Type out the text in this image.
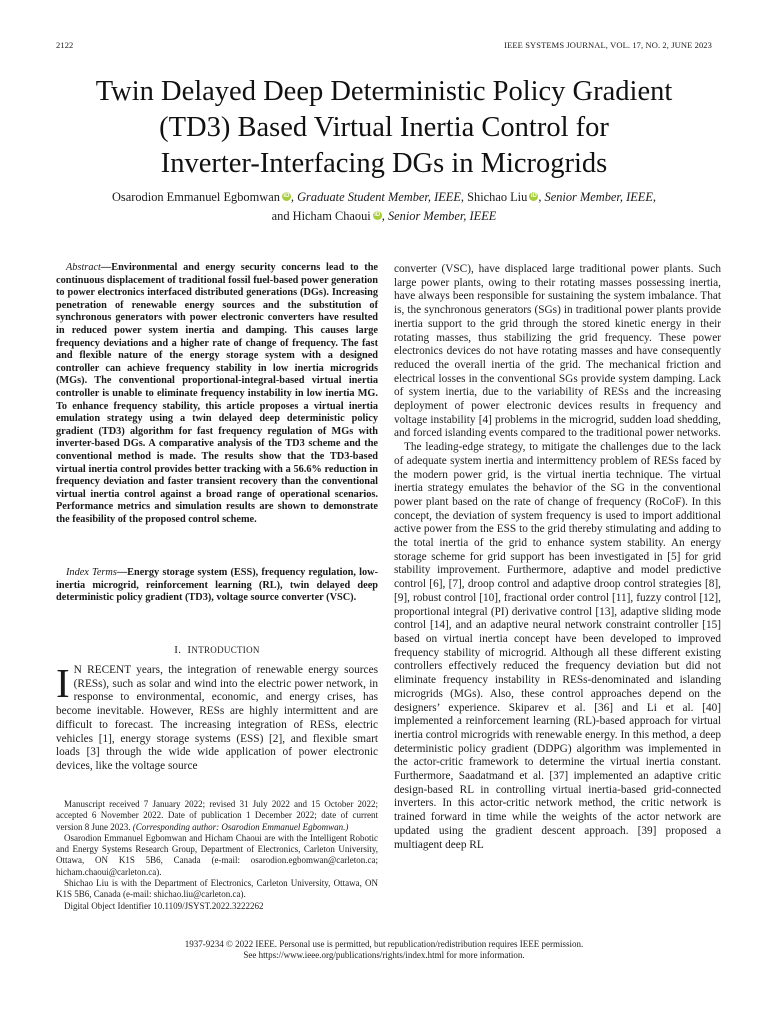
2122	IEEE SYSTEMS JOURNAL, VOL. 17, NO. 2, JUNE 2023
Twin Delayed Deep Deterministic Policy Gradient
(TD3) Based Virtual Inertia Control for
Inverter-Interfacing DGs in Microgrids
Osarodion Emmanuel Egbomwan iD , Graduate Student Member, IEEE, Shichao Liu iD , Senior Member, IEEE,
and Hicham Chaoui iD , Senior Member, IEEE
Abstract—Environmental and energy security concerns lead to the continuous displacement of traditional fossil fuel-based power generation to power electronics interfaced distributed generations (DGs). Increasing penetration of renewable energy sources and the substitution of synchronous generators with power electronic converters have resulted in reduced power system inertia and damping. This causes large frequency deviations and a higher rate of change of frequency. The fast and flexible nature of the energy storage system with a designed controller can achieve frequency stability in low inertia microgrids (MGs). The conventional proportional-integral-based virtual inertia controller is unable to eliminate frequency instability in low inertia MG. To enhance frequency stability, this article proposes a virtual inertia emulation strategy using a twin delayed deep deterministic policy gradient (TD3) algorithm for fast frequency regulation of MGs with inverter-based DGs. A comparative analysis of the TD3 scheme and the conventional method is made. The results show that the TD3-based virtual inertia control provides better tracking with a 56.6% reduction in frequency deviation and faster transient recovery than the conventional virtual inertia control against a broad range of operational scenarios. Performance metrics and simulation results are shown to demonstrate the feasibility of the proposed control scheme.
Index Terms—Energy storage system (ESS), frequency regulation, low-inertia microgrid, reinforcement learning (RL), twin delayed deep deterministic policy gradient (TD3), voltage source converter (VSC).
I. INTRODUCTION
I N RECENT years, the integration of renewable energy sources (RESs), such as solar and wind into the electric power network, in response to environmental, economic, and energy crises, has become inevitable. However, RESs are highly intermittent and are difficult to forecast. The increasing integration of RESs, electric vehicles [1], energy storage systems (ESS) [2], and flexible smart loads [3] through the wide wide application of power electronic devices, like the voltage source

Manuscript received 7 January 2022; revised 31 July 2022 and 15 October 2022; accepted 6 November 2022. Date of publication 1 December 2022; date of current version 8 June 2023. (Corresponding author: Osarodion Emmanuel Egbomwan.)

Osarodion Emmanuel Egbomwan and Hicham Chaoui are with the Intelligent Robotic and Energy Systems Research Group, Department of Electronics, Carleton University, Ottawa, ON K1S 5B6, Canada (e-mail: osarodion.egbomwan@carleton.ca; hicham.chaoui@carleton.ca).

Shichao Liu is with the Department of Electronics, Carleton University, Ottawa, ON K1S 5B6, Canada (e-mail: shichao.liu@carleton.ca).

Digital Object Identifier 10.1109/JSYST.2022.3222262

converter (VSC), have displaced large traditional power plants. Such large power plants, owing to their rotating masses possessing inertia, have always been responsible for sustaining the system imbalance. That is, the synchronous generators (SGs) in traditional power plants provide inertia support to the grid through the stored kinetic energy in their rotating masses, thus stabilizing the grid frequency. These power electronics devices do not have rotating masses and have consequently reduced the overall inertia of the grid. The mechanical friction and electrical losses in the conventional SGs provide system damping. Lack of system inertia, due to the variability of RESs and the increasing deployment of power electronic devices results in frequency and voltage instability [4] problems in the microgrid, sudden load shedding, and forced islanding events compared to the traditional power networks.

The leading-edge strategy, to mitigate the challenges due to the lack of adequate system inertia and intermittency problem of RESs faced by the modern power grid, is the virtual inertia technique. The virtual inertia strategy emulates the behavior of the SG in the conventional power plant based on the rate of change of frequency (RoCoF). In this concept, the deviation of system frequency is used to import additional active power from the ESS to the grid thereby stimulating and adding to the total inertia of the grid to enhance system stability. An energy storage scheme for grid support has been investigated in [5] for grid stability improvement. Furthermore, adaptive and model predictive control [6], [7], droop control and adaptive droop control strategies [8], [9], robust control [10], fractional order control [11], fuzzy control [12], proportional integral (PI) derivative control [13], adaptive sliding mode control [14], and an adaptive neural network constraint controller [15] based on virtual inertia concept have been developed to improved frequency stability of microgrid. Although all these different existing controllers effectively reduced the frequency deviation but did not eliminate frequency instability in RESs-denominated and islanding microgrids (MGs). Also, these control approaches depend on the designers’ experience. Skiparev et al. [36] and Li et al. [40] implemented a reinforcement learning (RL)-based approach for virtual inertia control microgrids with renewable energy. In this method, a deep deterministic policy gradient (DDPG) algorithm was implemented in the actor-critic framework to determine the virtual inertia constant. Furthermore, Saadatmand et al. [37] implemented an adaptive critic design-based RL in controlling virtual inertia-based grid-connected inverters. In this actor-critic network method, the critic network is trained forward in time while the weights of the actor network are updated using the gradient descent approach. [39] proposed a multiagent deep RL

1937-9234 © 2022 IEEE. Personal use is permitted, but republication/redistribution requires IEEE permission.
See https://www.ieee.org/publications/rights/index.html for more information.
